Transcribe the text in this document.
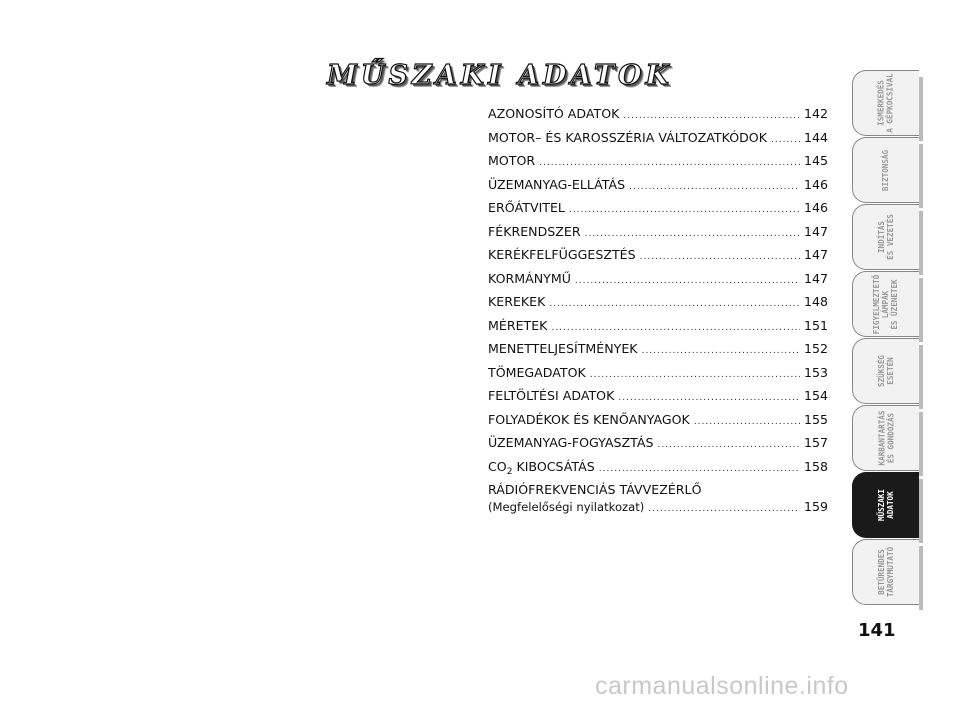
MŰSZAKI ADATOK
AZONOSÍTÓ ADATOK .....	142
MOTOR– ÉS KAROSSZÉRIA VÁLTOZATKÓDOK .....	144
MOTOR .....	145
ÜZEMANYAG-ELLÁTÁS .....	146
ERŐÁTVITEL .....	146
FÉKRENDSZER .....	147
KERÉKFELFÜGGESZTÉS .....	147
KORMÁNYMŰ .....	147
KEREKEK .....	148
MÉRETEK .....	151
MENETTELJESÍTMÉNYEK .....	152
TÖMEGADATOK .....	153
FELTÖLTÉSI ADATOK .....	154
FOLYADÉKOK ÉS KENŐANYAGOK .....	155
ÜZEMANYAG-FOGYASZTÁS .....	157
$CO_2$ KIBOCSÁTÁS .....	158
RÁDIÓFREKVENCIÁS TÁVVEZÉRLŐ
(Megfelelőségi nyilatkozat) .....	159
ISMERKEDÉS
A GÉPKOCSIVAL
BIZTONSÁG
INDÍTÁS
ÉS VEZETÉS
FIGYELMEZTETŐ
LÁMPÁK
ÉS ÜZENETEK
SZÜKSÉG
ESETÉN
KARBANTARTÁS
ÉS GONDOZÁS
MŰSZAKI
ADATOK
BETŰRENDES
TÁRGYMUTATÓ
141
carmanualsonline.info
